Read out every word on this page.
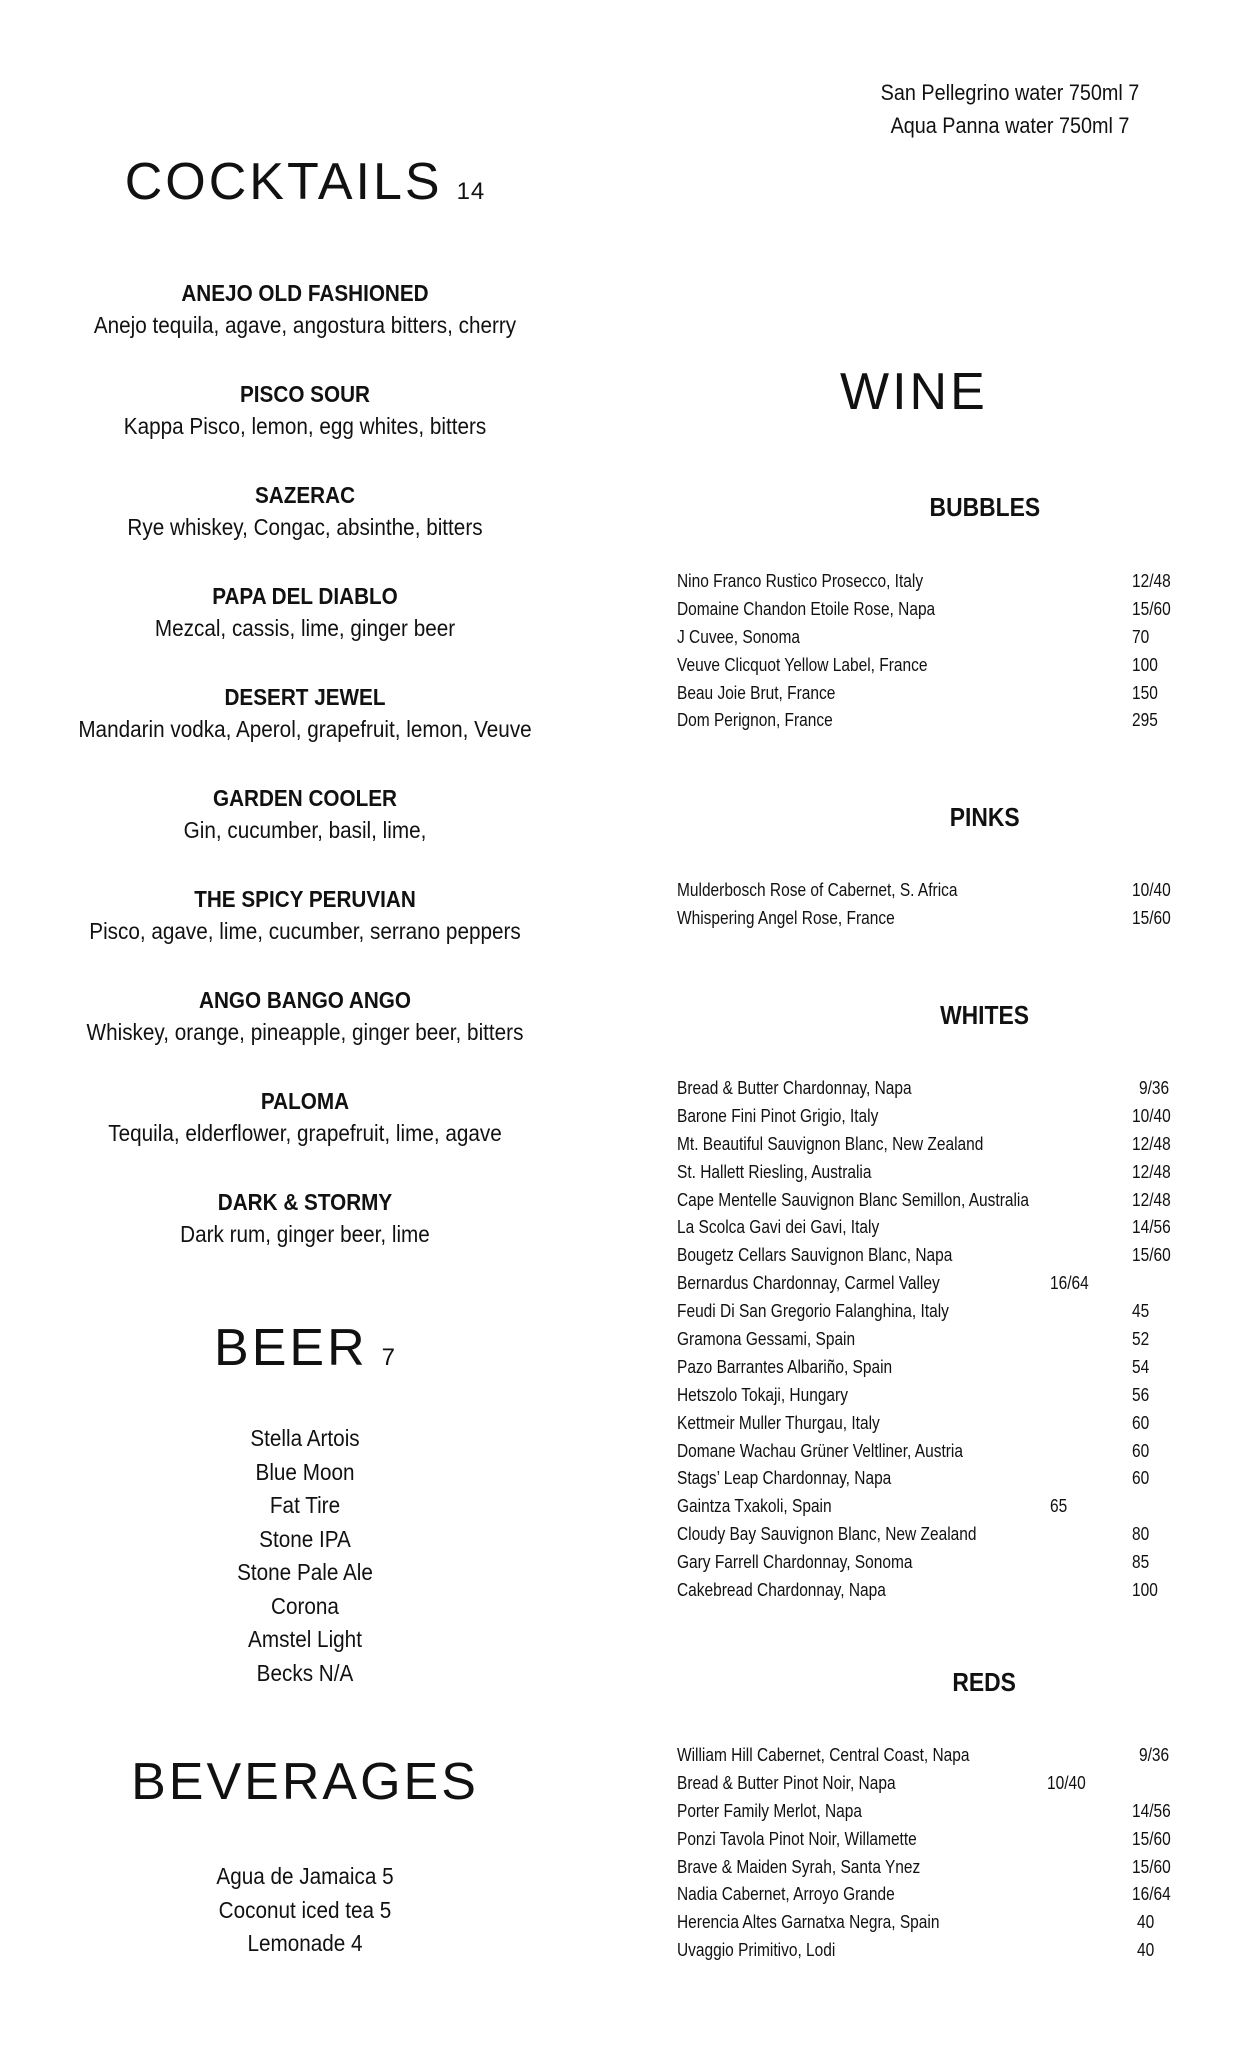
COCKTAILS 14
ANEJO OLD FASHIONED
Anejo tequila, agave, angostura bitters, cherry
PISCO SOUR
Kappa Pisco, lemon, egg whites, bitters
SAZERAC
Rye whiskey, Congac, absinthe, bitters
PAPA DEL DIABLO
Mezcal, cassis, lime, ginger beer
DESERT JEWEL
Mandarin vodka, Aperol, grapefruit, lemon, Veuve
GARDEN COOLER
Gin, cucumber, basil, lime,
THE SPICY PERUVIAN
Pisco, agave, lime, cucumber, serrano peppers
ANGO BANGO ANGO
Whiskey, orange, pineapple, ginger beer, bitters
PALOMA
Tequila, elderflower, grapefruit, lime, agave
DARK & STORMY
Dark rum, ginger beer, lime
BEER 7
Stella Artois
Blue Moon
Fat Tire
Stone IPA
Stone Pale Ale
Corona
Amstel Light
Becks N/A
BEVERAGES
Agua de Jamaica 5
Coconut iced tea 5
Lemonade 4
San Pellegrino water 750ml 7
Aqua Panna water 750ml 7
WINE
BUBBLES
Nino Franco Rustico Prosecco, Italy	12/48
Domaine Chandon Etoile Rose, Napa	15/60
J Cuvee, Sonoma	70
Veuve Clicquot Yellow Label, France	100
Beau Joie Brut, France	150
Dom Perignon, France	295
PINKS
Mulderbosch Rose of Cabernet, S. Africa	10/40
Whispering Angel Rose, France	15/60
WHITES
Bread & Butter Chardonnay, Napa	9/36
Barone Fini Pinot Grigio, Italy	10/40
Mt. Beautiful Sauvignon Blanc, New Zealand	12/48
St. Hallett Riesling, Australia	12/48
Cape Mentelle Sauvignon Blanc Semillon, Australia	12/48
La Scolca Gavi dei Gavi, Italy	14/56
Bougetz Cellars Sauvignon Blanc, Napa	15/60
Bernardus Chardonnay, Carmel Valley	16/64
Feudi Di San Gregorio Falanghina, Italy	45
Gramona Gessami, Spain	52
Pazo Barrantes Albariño, Spain	54
Hetszolo Tokaji, Hungary	56
Kettmeir Muller Thurgau, Italy	60
Domane Wachau Grüner Veltliner, Austria	60
Stags’ Leap Chardonnay, Napa	60
Gaintza Txakoli, Spain	65
Cloudy Bay Sauvignon Blanc, New Zealand	80
Gary Farrell Chardonnay, Sonoma	85
Cakebread Chardonnay, Napa	100
REDS
William Hill Cabernet, Central Coast, Napa	9/36
Bread & Butter Pinot Noir, Napa	10/40
Porter Family Merlot, Napa	14/56
Ponzi Tavola Pinot Noir, Willamette	15/60
Brave & Maiden Syrah, Santa Ynez	15/60
Nadia Cabernet, Arroyo Grande	16/64
Herencia Altes Garnatxa Negra, Spain	40
Uvaggio Primitivo, Lodi	40
